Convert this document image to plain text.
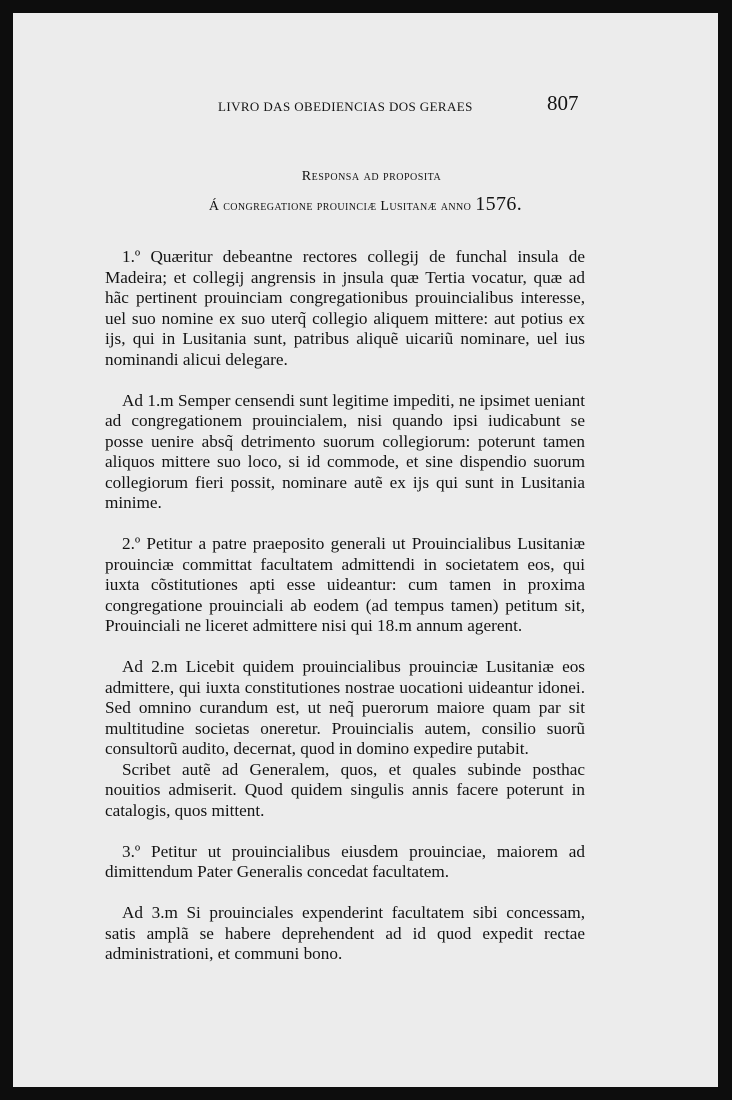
LIVRO DAS OBEDIENCIAS DOS GERAES	807
Responsa ad proposita
Á congregatione prouinciæ Lusitanæ anno 1576.

1.º Quæritur debeantne rectores collegij de funchal insula de Madeira; et collegij angrensis in jnsula quæ Tertia vocatur, quæ ad hãc pertinent prouinciam congregationibus prouincialibus interesse, uel suo nomine ex suo uterq̃ collegio aliquem mittere: aut potius ex ijs, qui in Lusitania sunt, patribus aliquẽ uicariũ nominare, uel ius nominandi alicui delegare.

Ad 1.m Semper censendi sunt legitime impediti, ne ipsimet ueniant ad congregationem prouincialem, nisi quando ipsi iudicabunt se posse uenire absq̃ detrimento suorum collegiorum: poterunt tamen aliquos mittere suo loco, si id commode, et sine dispendio suorum collegiorum fieri possit, nominare autẽ ex ijs qui sunt in Lusitania minime.

2.º Petitur a patre praeposito generali ut Prouincialibus Lusitaniæ prouinciæ committat facultatem admittendi in societatem eos, qui iuxta cõstitutiones apti esse uideantur: cum tamen in proxima congregatione prouinciali ab eodem (ad tempus tamen) petitum sit, Prouinciali ne liceret admittere nisi qui 18.m annum agerent.

Ad 2.m Licebit quidem prouincialibus prouinciæ Lusitaniæ eos admittere, qui iuxta constitutiones nostrae uocationi uideantur idonei. Sed omnino curandum est, ut neq̃ puerorum maiore quam par sit multitudine societas oneretur. Prouincialis autem, consilio suorũ consultorũ audito, decernat, quod in domino expedire putabit.

Scribet autẽ ad Generalem, quos, et quales subinde posthac nouitios admiserit. Quod quidem singulis annis facere poterunt in catalogis, quos mittent.

3.º Petitur ut prouincialibus eiusdem prouinciae, maiorem ad dimittendum Pater Generalis concedat facultatem.

Ad 3.m Si prouinciales expenderint facultatem sibi concessam, satis amplã se habere deprehendent ad id quod expedit rectae administrationi, et communi bono.
